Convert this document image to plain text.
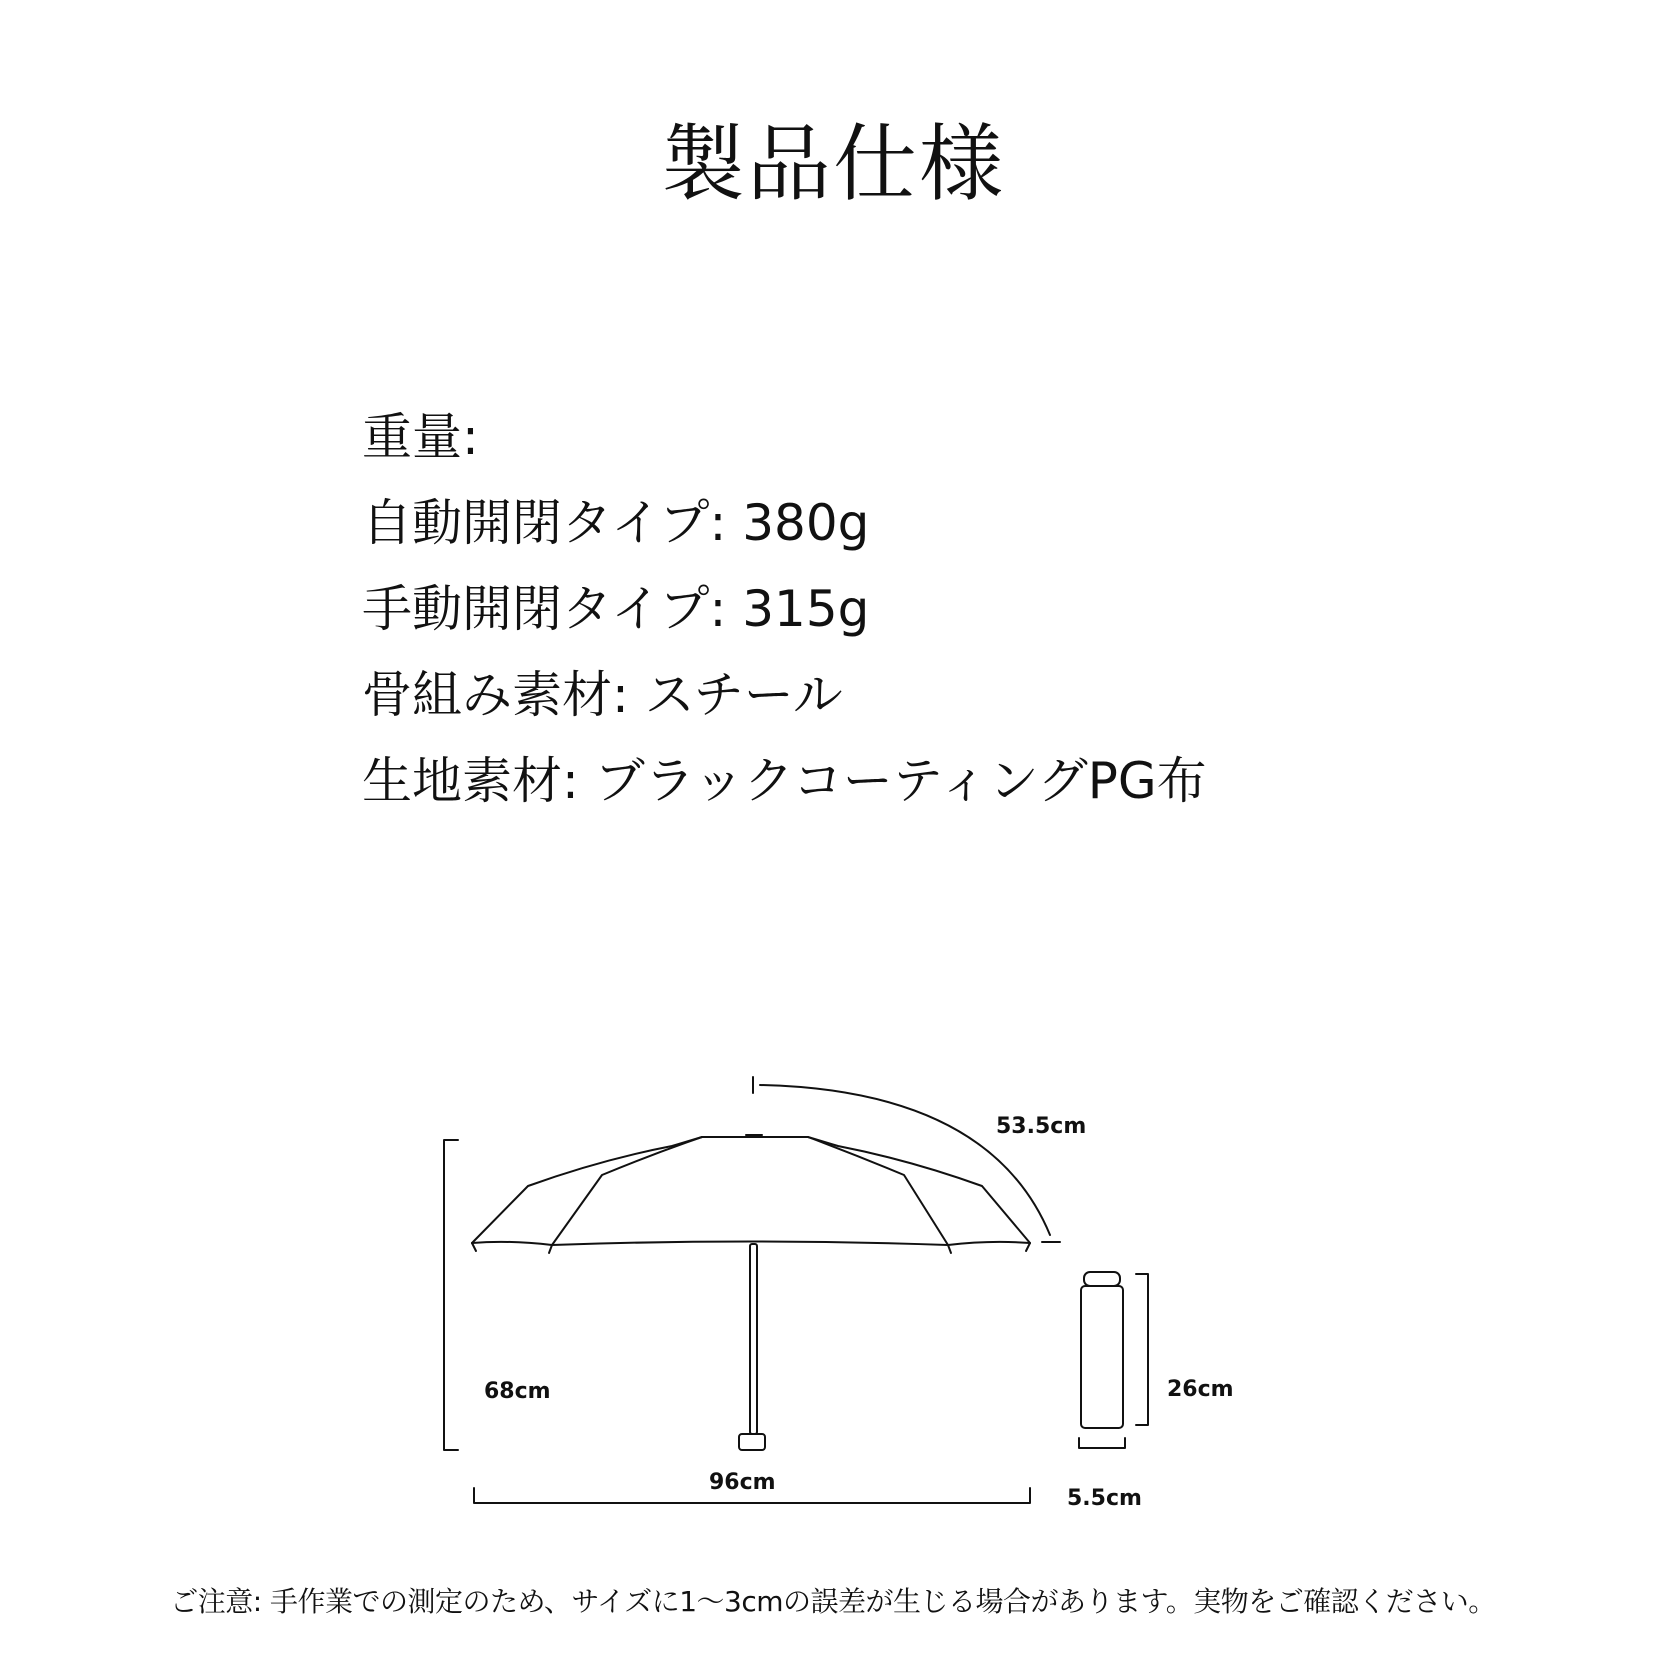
製品仕様
重量:
自動開閉タイプ: 380g
手動開閉タイプ: 315g
骨組み素材: スチール
生地素材: ブラックコーティングPG布
53.5cm
68cm
96cm
26cm
5.5cm
ご注意: 手作業での測定のため、サイズに1～3cmの誤差が生じる場合があります。実物をご確認ください。
